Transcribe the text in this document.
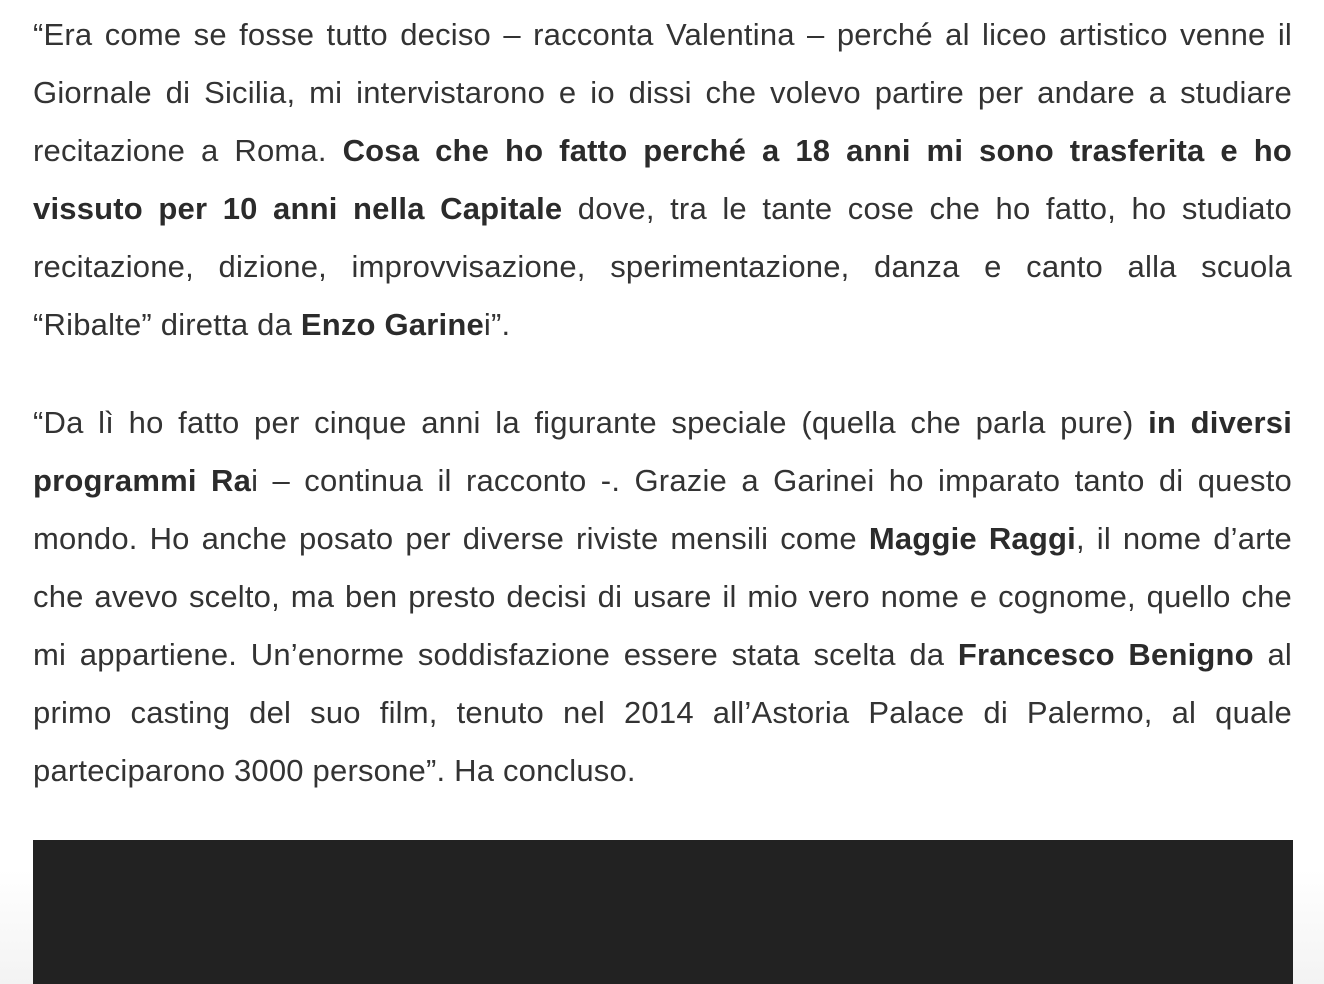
“Era come se fosse tutto deciso – racconta Valentina – perché al liceo artistico venne il Giornale di Sicilia, mi intervistarono e io dissi che volevo partire per andare a studiare recitazione a Roma. Cosa che ho fatto perché a 18 anni mi sono trasferita e ho vissuto per 10 anni nella Capitale dove, tra le tante cose che ho fatto, ho studiato recitazione, dizione, improvvisazione, sperimentazione, danza e canto alla scuola “Ribalte” diretta da Enzo Garinei”.

“Da lì ho fatto per cinque anni la figurante speciale (quella che parla pure) in diversi programmi Rai – continua il racconto -. Grazie a Garinei ho imparato tanto di questo mondo. Ho anche posato per diverse riviste mensili come Maggie Raggi, il nome d’arte che avevo scelto, ma ben presto decisi di usare il mio vero nome e cognome, quello che mi appartiene. Un’enorme soddisfazione essere stata scelta da Francesco Benigno al primo casting del suo film, tenuto nel 2014 all’Astoria Palace di Palermo, al quale parteciparono 3000 persone”. Ha concluso.
